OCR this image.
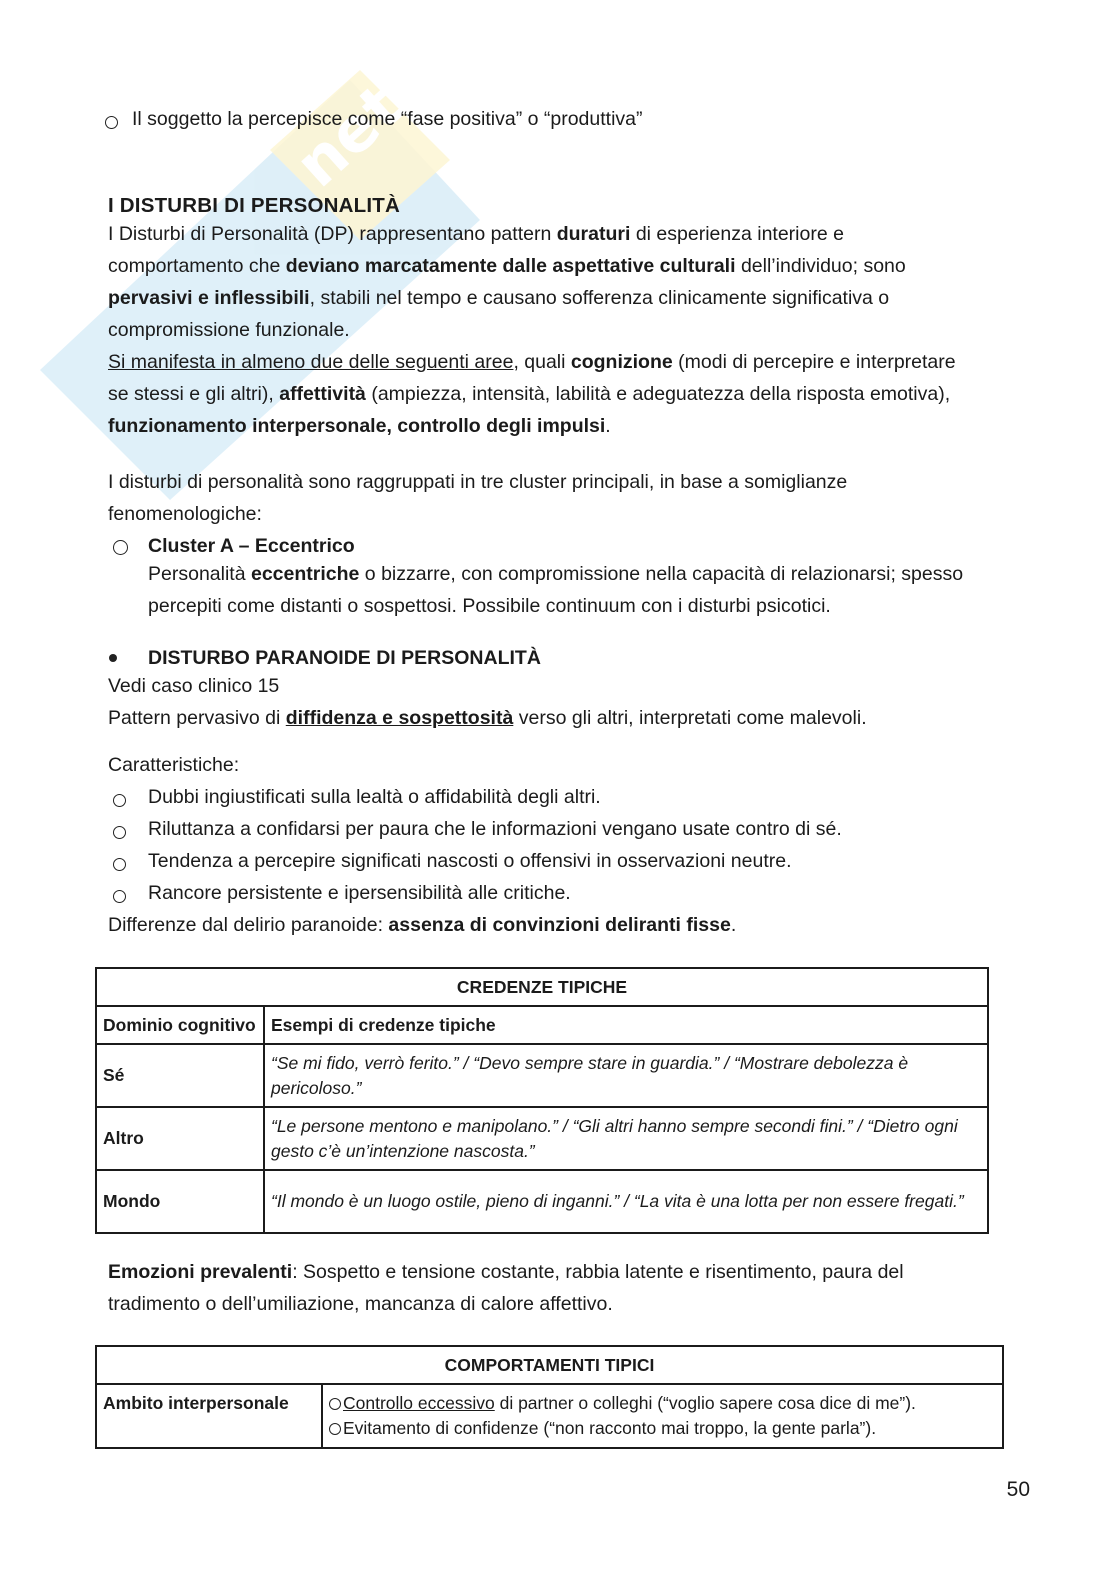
net
Il soggetto la percepisce come “fase positiva” o “produttiva”
I DISTURBI DI PERSONALITÀ
I Disturbi di Personalità (DP) rappresentano pattern duraturi di esperienza interiore e
comportamento che deviano marcatamente dalle aspettative culturali dell’individuo; sono
pervasivi e inflessibili, stabili nel tempo e causano sofferenza clinicamente significativa o
compromissione funzionale.
Si manifesta in almeno due delle seguenti aree, quali cognizione (modi di percepire e interpretare
se stessi e gli altri), affettività (ampiezza, intensità, labilità e adeguatezza della risposta emotiva),
funzionamento interpersonale, controllo degli impulsi.
I disturbi di personalità sono raggruppati in tre cluster principali, in base a somiglianze
fenomenologiche:
Cluster A – Eccentrico
Personalità eccentriche o bizzarre, con compromissione nella capacità di relazionarsi; spesso
percepiti come distanti o sospettosi. Possibile continuum con i disturbi psicotici.
DISTURBO PARANOIDE DI PERSONALITÀ
Vedi caso clinico 15
Pattern pervasivo di diffidenza e sospettosità verso gli altri, interpretati come malevoli.
Caratteristiche:
Dubbi ingiustificati sulla lealtà o affidabilità degli altri.
Riluttanza a confidarsi per paura che le informazioni vengano usate contro di sé.
Tendenza a percepire significati nascosti o offensivi in osservazioni neutre.
Rancore persistente e ipersensibilità alle critiche.
Differenze dal delirio paranoide: assenza di convinzioni deliranti fisse.
CREDENZE TIPICHE	
Dominio cognitivo	Esempi di credenze tipiche
Sé	“Se mi fido, verrò ferito.” / “Devo sempre stare in guardia.” / “Mostrare debolezza è pericoloso.”
Altro	“Le persone mentono e manipolano.” / “Gli altri hanno sempre secondi fini.” / “Dietro ogni gesto c’è un’intenzione nascosta.”
Mondo	“Il mondo è un luogo ostile, pieno di inganni.” / “La vita è una lotta per non essere fregati.”
Emozioni prevalenti: Sospetto e tensione costante, rabbia latente e risentimento, paura del
tradimento o dell’umiliazione, mancanza di calore affettivo.
COMPORTAMENTI TIPICI
Ambito interpersonale	Controllo eccessivo di partner o colleghi (“voglio sapere cosa dice di me”).
Evitamento di confidenze (“non racconto mai troppo, la gente parla”).
50
